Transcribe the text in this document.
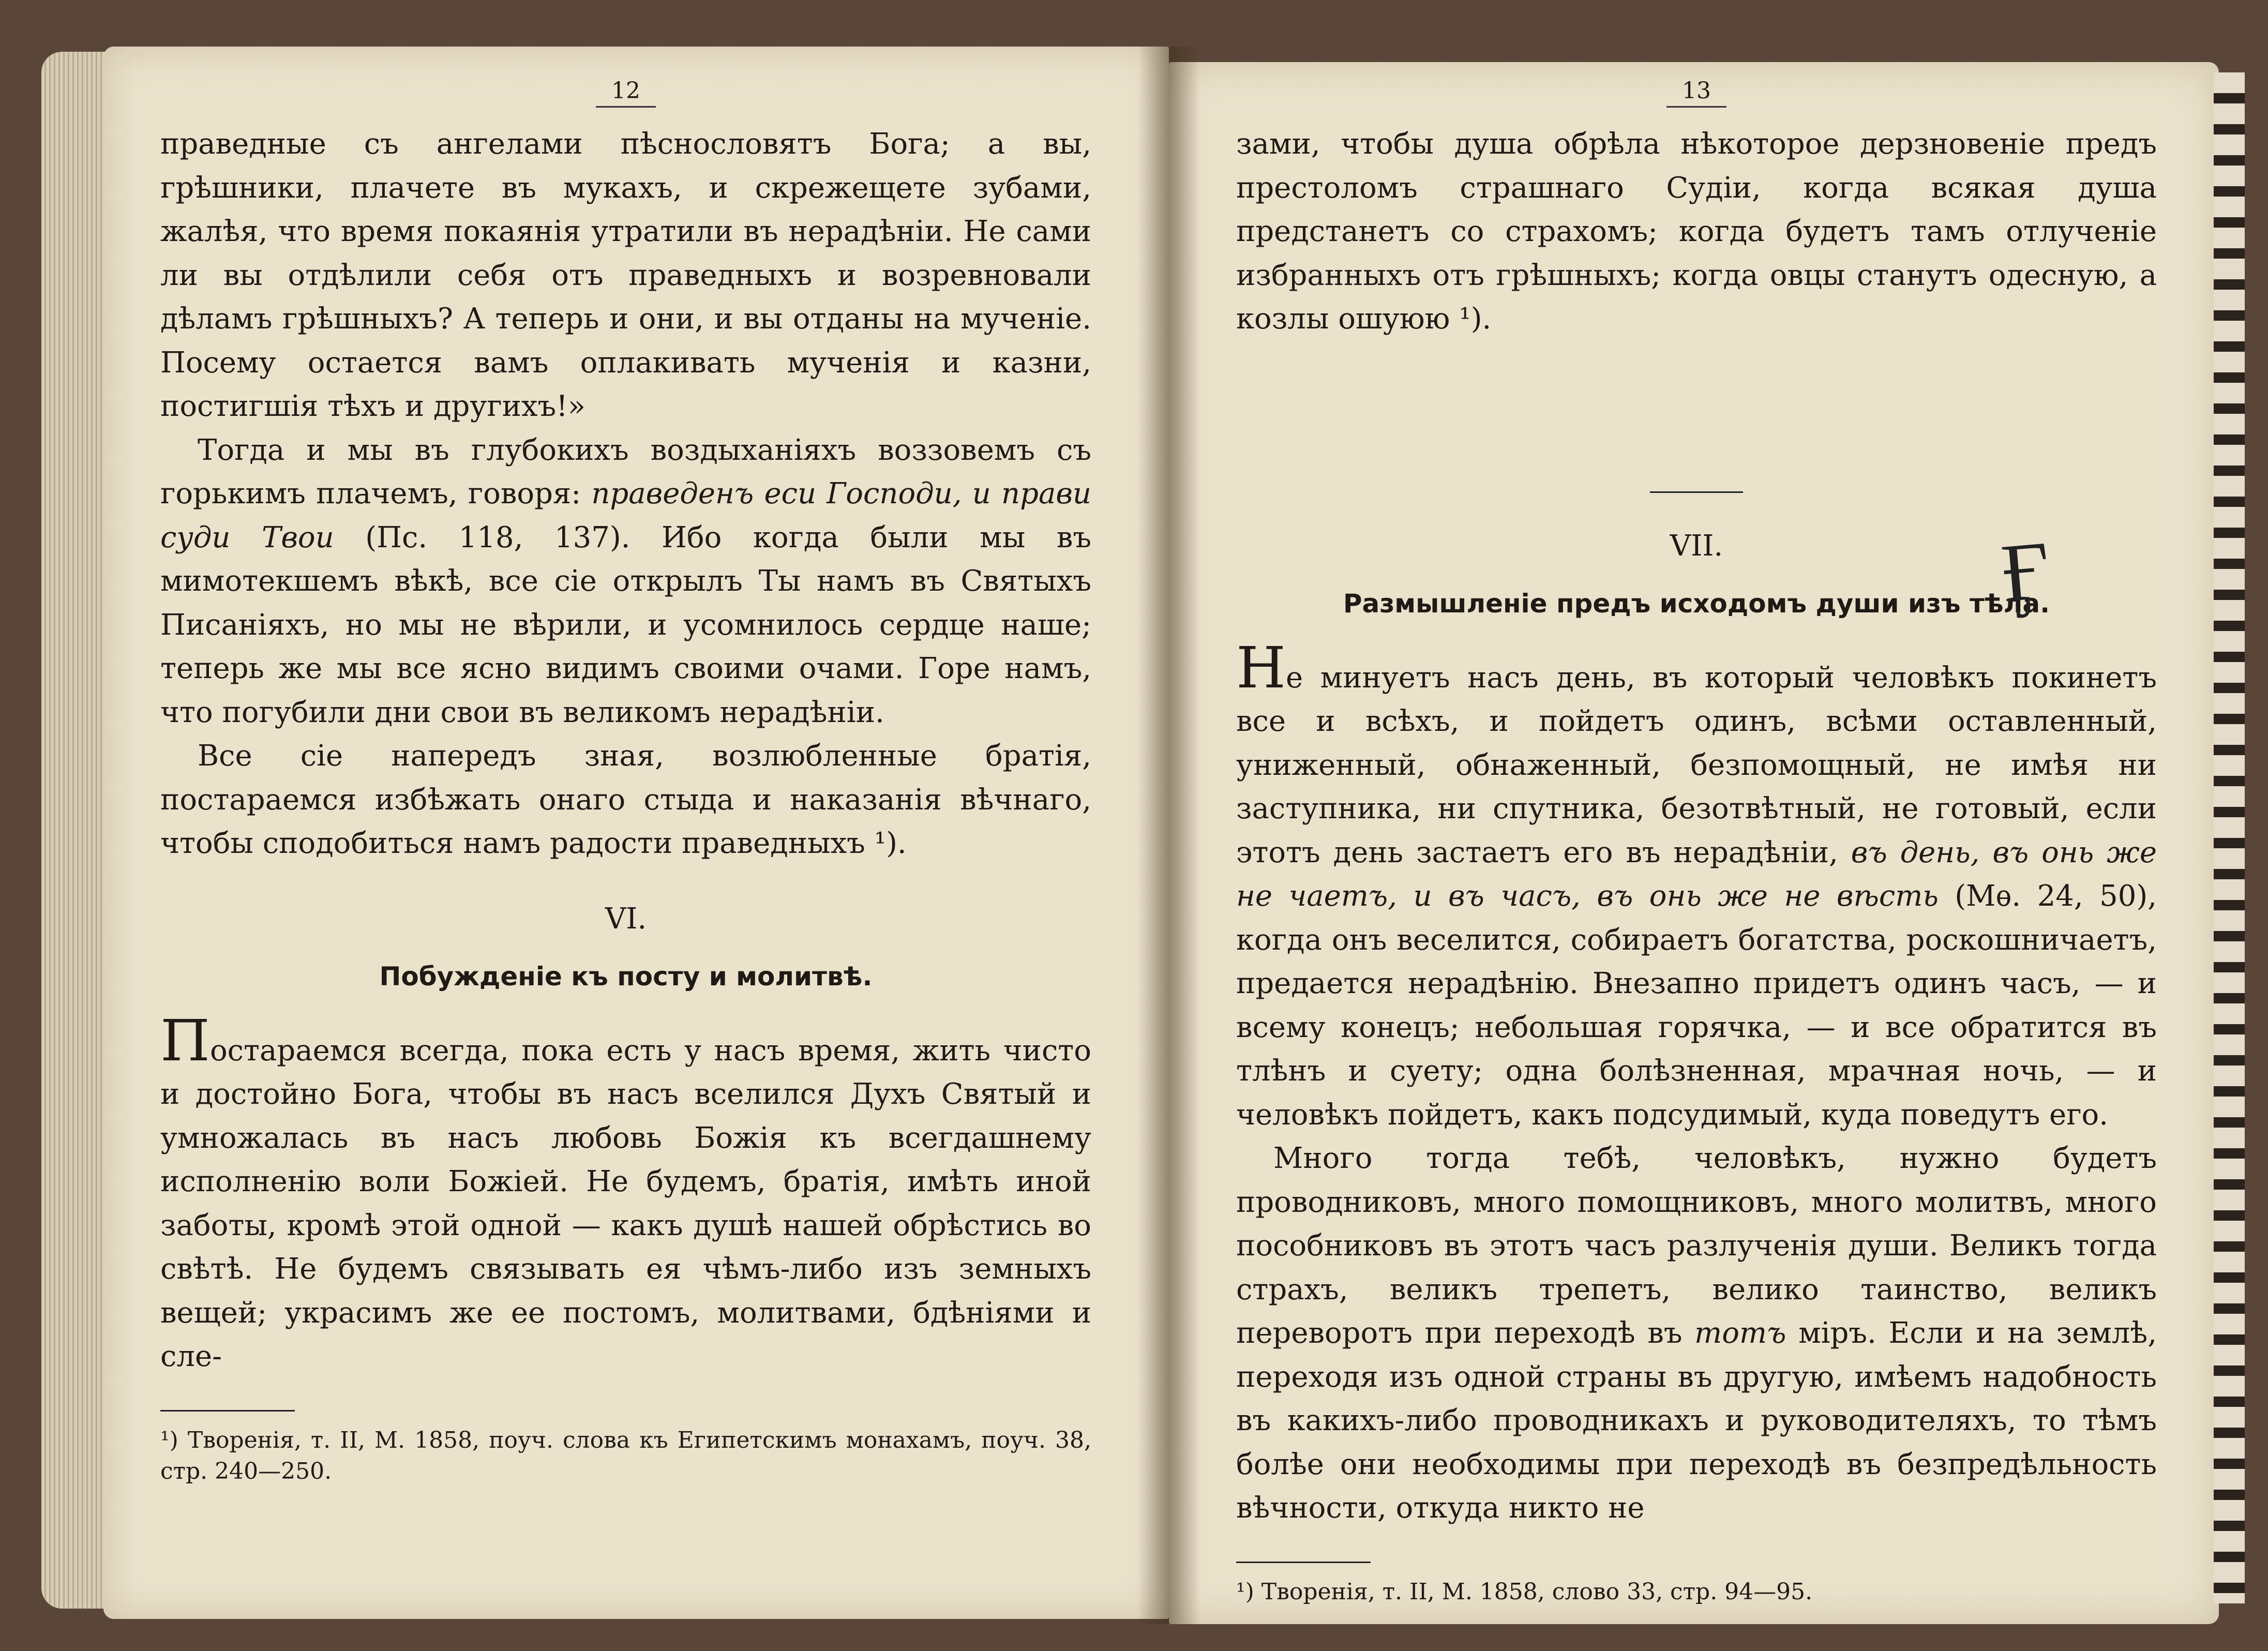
12

праведные съ ангелами пѣснословятъ Бога; а вы, грѣшники, плачете въ мукахъ, и скрежещете зубами, жалѣя, что время покаянія утратили въ нерадѣніи. Не сами ли вы отдѣлили себя отъ праведныхъ и возревновали дѣламъ грѣшныхъ? А теперь и они, и вы отданы на мученіе. Посему остается вамъ оплакивать мученія и казни, постигшія тѣхъ и другихъ!»

Тогда и мы въ глубокихъ воздыханіяхъ воззовемъ съ горькимъ плачемъ, говоря: праведенъ еси Господи, и прави суди Твои (Пс. 118, 137). Ибо когда были мы въ мимотекшемъ вѣкѣ, все сіе открылъ Ты намъ въ Святыхъ Писаніяхъ, но мы не вѣрили, и усомнилось сердце наше; теперь же мы все ясно видимъ своими очами. Горе намъ, что погубили дни свои въ великомъ нерадѣніи.

Все сіе напередъ зная, возлюбленные братія, постараемся избѣжать онаго стыда и наказанія вѣчнаго, чтобы сподобиться намъ радости праведныхъ ¹).

VI.
Побужденіе къ посту и молитвѣ.

Постараемся всегда, пока есть у насъ время, жить чисто и достойно Бога, чтобы въ насъ вселился Духъ Святый и умножалась въ насъ любовь Божія къ всегдашнему исполненію воли Божіей. Не будемъ, братія, имѣть иной заботы, кромѣ этой одной — какъ душѣ нашей обрѣстись во свѣтѣ. Не будемъ связывать ея чѣмъ-либо изъ земныхъ вещей; украсимъ же ее постомъ, молитвами, бдѣніями и сле-

¹) Творенія, т. II, М. 1858, поуч. слова къ Египетскимъ монахамъ, поуч. 38, стр. 240—250.

13

зами, чтобы душа обрѣла нѣкоторое дерзновеніе предъ престоломъ страшнаго Судіи, когда всякая душа предстанетъ со страхомъ; когда будетъ тамъ отлученіе избранныхъ отъ грѣшныхъ; когда овцы станутъ одесную, а козлы ошуюю ¹).

VII.
Размышленіе предъ исходомъ души изъ тѣла.

Не минуетъ насъ день, въ который человѣкъ покинетъ все и всѣхъ, и пойдетъ одинъ, всѣми оставленный, униженный, обнаженный, безпомощный, не имѣя ни заступника, ни спутника, безотвѣтный, не готовый, если этотъ день застаетъ его въ нерадѣніи, въ день, въ онь же не чаетъ, и въ часъ, въ онь же не вѣсть (Мѳ. 24, 50), когда онъ веселится, собираетъ богатства, роскошничаетъ, предается нерадѣнію. Внезапно придетъ одинъ часъ, — и всему конецъ; небольшая горячка, — и все обратится въ тлѣнъ и суету; одна болѣзненная, мрачная ночь, — и человѣкъ пойдетъ, какъ подсудимый, куда поведутъ его.

Много тогда тебѣ, человѣкъ, нужно будетъ проводниковъ, много помощниковъ, много молитвъ, много пособниковъ въ этотъ часъ разлученія души. Великъ тогда страхъ, великъ трепетъ, велико таинство, великъ переворотъ при переходѣ въ тотъ міръ. Если и на землѣ, переходя изъ одной страны въ другую, имѣемъ надобность въ какихъ-либо проводникахъ и руководителяхъ, то тѣмъ болѣе они необходимы при переходѣ въ безпредѣльность вѣчности, откуда никто не

¹) Творенія, т. II, М. 1858, слово 33, стр. 94—95.

Ӻ
